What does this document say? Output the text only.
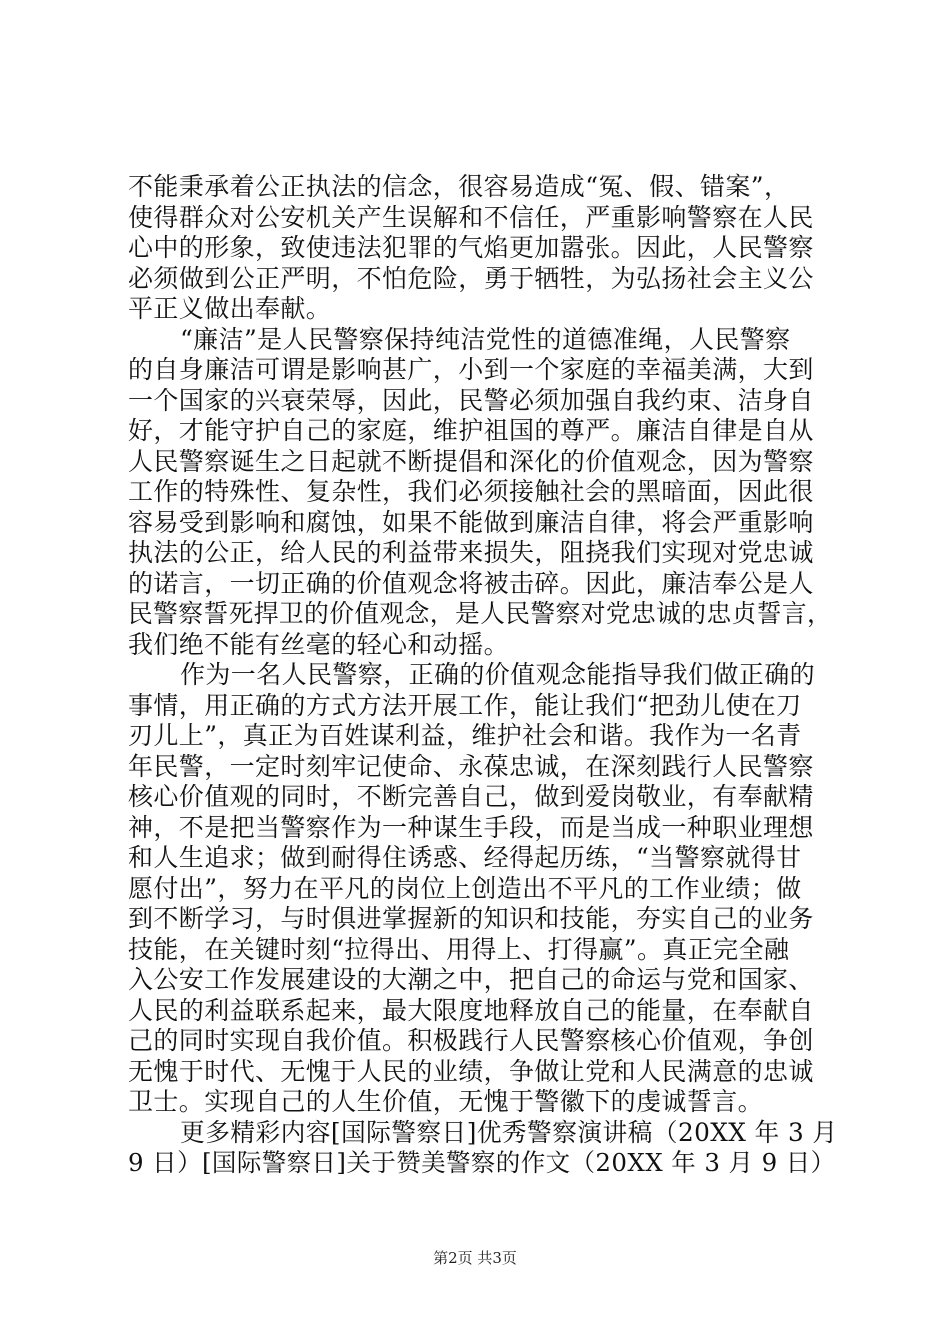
不能秉承着公正执法的信念，很容易造成“冤、假、错案”，
使得群众对公安机关产生误解和不信任，严重影响警察在人民
心中的形象，致使违法犯罪的气焰更加嚣张。因此，人民警察
必须做到公正严明，不怕危险，勇于牺牲，为弘扬社会主义公
平正义做出奉献。
“廉洁”是人民警察保持纯洁党性的道德准绳，人民警察
的自身廉洁可谓是影响甚广，小到一个家庭的幸福美满，大到
一个国家的兴衰荣辱，因此，民警必须加强自我约束、洁身自
好，才能守护自己的家庭，维护祖国的尊严。廉洁自律是自从
人民警察诞生之日起就不断提倡和深化的价值观念，因为警察
工作的特殊性、复杂性，我们必须接触社会的黑暗面，因此很
容易受到影响和腐蚀，如果不能做到廉洁自律，将会严重影响
执法的公正，给人民的利益带来损失，阻挠我们实现对党忠诚
的诺言，一切正确的价值观念将被击碎。因此，廉洁奉公是人
民警察誓死捍卫的价值观念，是人民警察对党忠诚的忠贞誓言，
我们绝不能有丝毫的轻心和动摇。
作为一名人民警察，正确的价值观念能指导我们做正确的
事情，用正确的方式方法开展工作，能让我们“把劲儿使在刀
刃儿上”，真正为百姓谋利益，维护社会和谐。我作为一名青
年民警，一定时刻牢记使命、永葆忠诚，在深刻践行人民警察
核心价值观的同时，不断完善自己，做到爱岗敬业，有奉献精
神，不是把当警察作为一种谋生手段，而是当成一种职业理想
和人生追求；做到耐得住诱惑、经得起历练，“当警察就得甘
愿付出”，努力在平凡的岗位上创造出不平凡的工作业绩；做
到不断学习，与时俱进掌握新的知识和技能，夯实自己的业务
技能，在关键时刻“拉得出、用得上、打得赢”。真正完全融
入公安工作发展建设的大潮之中，把自己的命运与党和国家、
人民的利益联系起来，最大限度地释放自己的能量，在奉献自
己的同时实现自我价值。积极践行人民警察核心价值观，争创
无愧于时代、无愧于人民的业绩，争做让党和人民满意的忠诚
卫士。实现自己的人生价值，无愧于警徽下的虔诚誓言。
更多精彩内容[国际警察日]优秀警察演讲稿（20XX 年 3 月
9 日）[国际警察日]关于赞美警察的作文（20XX 年 3 月 9 日）
第2页 共3页
